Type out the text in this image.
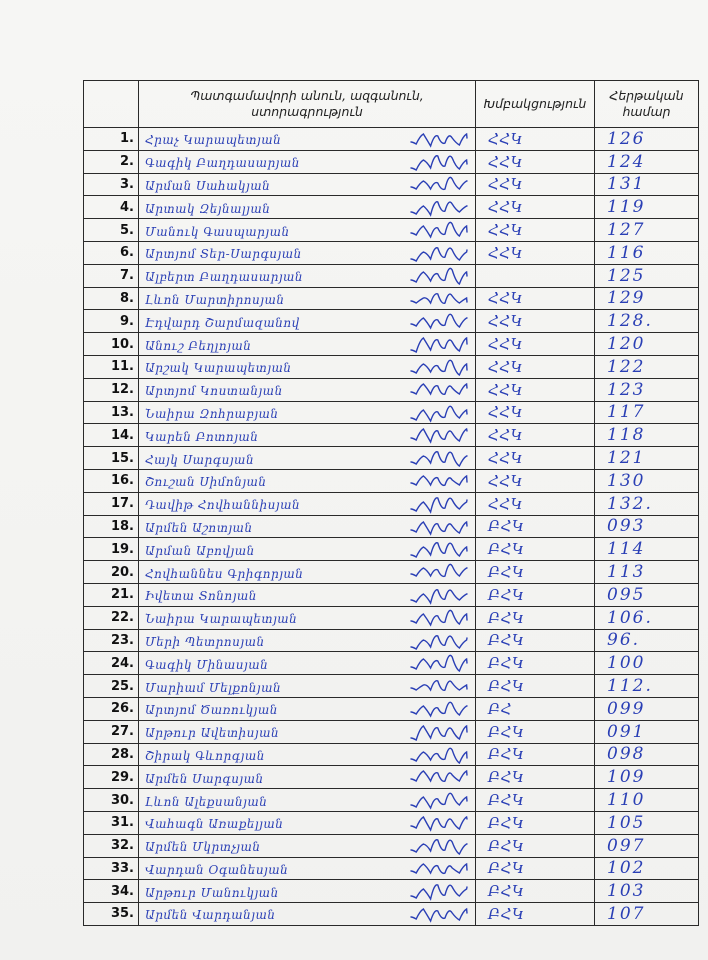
	Պատգամավորի անուն, ազգանուն, ստորագրություն	Խմբակցություն	Հերթական համար
1.	Հրաչ Կարապետյան	ՀՀԿ	126
2.	Գագիկ Բաղդասարյան	ՀՀԿ	124
3.	Արման Սահակյան	ՀՀԿ	131
4.	Արտակ Զեյնալյան	ՀՀԿ	119
5.	Մանուկ Գասպարյան	ՀՀԿ	127
6.	Արտյոմ Տեր-Սարգսյան	ՀՀԿ	116
7.	Ալբերտ Բաղդասարյան		125
8.	Լևոն Մարտիրոսյան	ՀՀԿ	129
9.	Էդվարդ Շարմազանով	ՀՀԿ	128.
10.	Անուշ Բեղլոյան	ՀՀԿ	120
11.	Արշակ Կարապետյան	ՀՀԿ	122
12.	Արտյոմ Կոստանյան	ՀՀԿ	123
13.	Նաիրա Զոհրաբյան	ՀՀԿ	117
14.	Կարեն Բոտոյան	ՀՀԿ	118
15.	Հայկ Սարգսյան	ՀՀԿ	121
16.	Շուշան Սիմոնյան	ՀՀԿ	130
17.	Դավիթ Հովհաննիսյան	ՀՀԿ	132.
18.	Արմեն Աշոտյան	ԲՀԿ	093
19.	Արման Աբովյան	ԲՀԿ	114
20.	Հովհաննես Գրիգորյան	ԲՀԿ	113
21.	Իվետա Տոնոյան	ԲՀԿ	095
22.	Նաիրա Կարապետյան	ԲՀԿ	106.
23.	Մերի Պետրոսյան	ԲՀԿ	96.
24.	Գագիկ Մինասյան	ԲՀԿ	100
25.	Մարիամ Մելքոնյան	ԲՀԿ	112.
26.	Արտյոմ Ծառուկյան	ԲՀ	099
27.	Արթուր Ավետիսյան	ԲՀԿ	091
28.	Շիրակ Գևորգյան	ԲՀԿ	098
29.	Արմեն Սարգսյան	ԲՀԿ	109
30.	Լևոն Ալեքսանյան	ԲՀԿ	110
31.	Վահագն Առաքելյան	ԲՀԿ	105
32.	Արմեն Մկրտչյան	ԲՀԿ	097
33.	Վարդան Օգանեսյան	ԲՀԿ	102
34.	Արթուր Մանուկյան	ԲՀԿ	103
35.	Արմեն Վարդանյան	ԲՀԿ	107
